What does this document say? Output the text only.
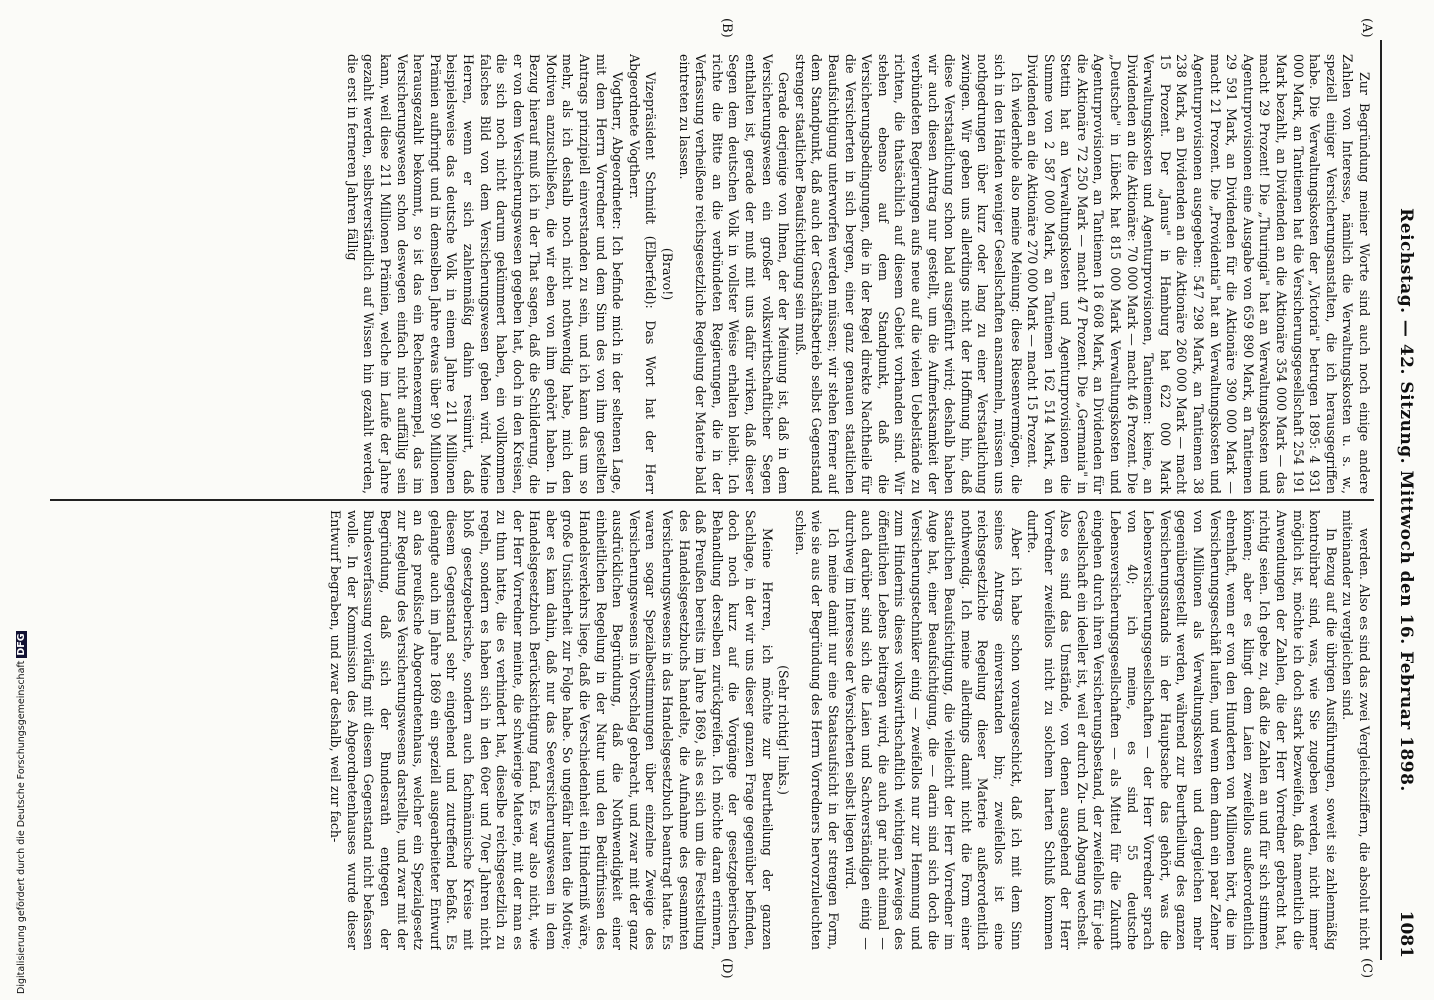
Reichstag. — 42. Sitzung. Mittwoch den 16. Februar 1898.
1081
(A)
(B)
(C)
(D)

Zur Begründung meiner Worte sind auch noch einige andere Zahlen von Interesse, nämlich die Verwaltungskosten u. s. w., speziell einiger Versicherungsanstalten, die ich herausgegriffen habe. Die Verwaltungskosten der „Victoria" betrugen 1895: 4 931 000 Mark, an Tantiemen hat die Versicherungsgesellschaft 254 191 Mark bezahlt, an Dividenden an die Aktionäre 354 000 Mark — das macht 29 Prozent! Die „Thuringia" hat an Verwaltungskosten und Agenturprovisionen eine Ausgabe von 659 890 Mark, an Tantiemen 29 591 Mark, an Dividenden für die Aktionäre 390 000 Mark — macht 21 Prozent. Die „Providentia" hat an Verwaltungskosten und Agenturprovisionen ausgegeben: 547 298 Mark, an Tantiemen 38 238 Mark, an Dividenden an die Aktionäre 260 000 Mark — macht 15 Prozent. Der „Janus" in Hamburg hat 622 000 Mark Verwaltungskosten und Agenturprovisionen, Tantiemen: keine, an Dividenden an die Aktionäre: 70 000 Mark — macht 46 Prozent. Die „Deutsche" in Lübeck hat 815 000 Mark Verwaltungskosten und Agenturprovisionen, an Tantiemen 18 608 Mark, an Dividenden für die Aktionäre 72 250 Mark — macht 47 Prozent. Die „Germania" in Stettin hat an Verwaltungskosten und Agenturprovisionen die Summe von 2 587 000 Mark, an Tantiemen 162 514 Mark, an Dividenden an die Aktionäre 270 000 Mark — macht 15 Prozent.

Ich wiederhole also meine Meinung: diese Riesenvermögen, die sich in den Händen weniger Gesellschaften ansammeln, müssen uns nothgedrungen über kurz oder lang zu einer Verstaatlichung zwingen. Wir geben uns allerdings nicht der Hoffnung hin, daß diese Verstaatlichung schon bald ausgeführt wird; deshalb haben wir auch diesen Antrag nur gestellt, um die Aufmerksamkeit der verbündeten Regierungen aufs neue auf die vielen Uebelstände zu richten, die thatsächlich auf diesem Gebiet vorhanden sind. Wir stehen ebenso auf dem Standpunkt, daß die Versicherungsbedingungen, die in der Regel direkte Nachtheile für die Versicherten in sich bergen, einer ganz genauen staatlichen Beaufsichtigung unterworfen werden müssen; wir stehen ferner auf dem Standpunkt, daß auch der Geschäftsbetrieb selbst Gegenstand strenger staatlicher Beaufsichtigung sein muß.

Gerade derjenige von Ihnen, der der Meinung ist, daß in dem Versicherungswesen ein großer volkswirthschaftlicher Segen enthalten ist, gerade der muß mit uns dafür wirken, daß dieser Segen dem deutschen Volk in vollster Weise erhalten bleibt. Ich richte die Bitte an die verbündeten Regierungen, die in der Verfassung verheißene reichsgesetzliche Regelung der Materie bald eintreten zu lassen.

(Bravo!)

Vizepräsident Schmidt (Elberfeld): Das Wort hat der Herr Abgeordnete Vogtherr.

Vogtherr, Abgeordneter: Ich befinde mich in der seltenen Lage, mit dem Herrn Vorredner und dem Sinn des von ihm gestellten Antrags prinzipiell einverstanden zu sein, und ich kann das um so mehr, als ich deshalb noch nicht nothwendig habe, mich den Motiven anzuschließen, die wir eben von ihm gehört haben. In Bezug hierauf muß ich in der That sagen, daß die Schilderung, die er von dem Versicherungswesen gegeben hat, doch in den Kreisen, die sich noch nicht darum gekümmert haben, ein vollkommen falsches Bild von dem Versicherungswesen geben wird. Meine Herren, wenn er sich zahlenmäßig dahin resümirt, daß beispielsweise das deutsche Volk in einem Jahre 211 Millionen Prämien aufbringt und in demselben Jahre etwas über 90 Millionen herausgezahlt bekommt, so ist das ein Rechenexempel, das im Versicherungswesen schon deswegen einfach nicht auffällig sein kann, weil diese 211 Millionen Prämien, welche im Laufe der Jahre gezahlt werden, selbstverständlich auf Wissen hin gezahlt werden, die erst in ferneren Jahren fällig

werden. Also es sind das zwei Vergleichsziffern, die absolut nicht miteinander zu vergleichen sind.

In Bezug auf die übrigen Ausführungen, soweit sie zahlenmäßig kontrolirbar sind, was, wie Sie zugeben werden, nicht immer möglich ist, möchte ich doch stark bezweifeln, daß namentlich die Anwendungen der Zahlen, die der Herr Vorredner gebracht hat, richtig seien. Ich gebe zu, daß die Zahlen an und für sich stimmen können; aber es klingt dem Laien zweifellos außerordentlich ehrenhaft, wenn er von den Hunderten von Millionen hört, die im Versicherungsgeschäft laufen, und wenn dem dann ein paar Zehner von Millionen als Verwaltungskosten und dergleichen mehr gegenübergestellt werden, während zur Beurtheilung des ganzen Versicherungsstands in der Hauptsache das gehört, was die Lebensversicherungsgesellschaften — der Herr Vorredner sprach von 40; ich meine, es sind 55 deutsche Lebensversicherungsgesellschaften — als Mittel für die Zukunft eingehen durch ihren Versicherungsbestand, der zweifellos für jede Gesellschaft ein ideeller ist, weil er durch Zu- und Abgang wechselt. Also es sind das Umstände, von denen ausgehend der Herr Vorredner zweifellos nicht zu solchem harten Schluß kommen durfte.

Aber ich habe schon vorausgeschickt, daß ich mit dem Sinn seines Antrags einverstanden bin; zweifellos ist eine reichsgesetzliche Regelung dieser Materie außerordentlich nothwendig. Ich meine allerdings damit nicht die Form einer staatlichen Beaufsichtigung, die vielleicht der Herr Vorredner im Auge hat, einer Beaufsichtigung, die — darin sind sich doch die Versicherungstechniker einig — zweifellos nur zur Hemmung und zum Hindernis dieses volkswirthschaftlich wichtigen Zweiges des öffentlichen Lebens beitragen wird, die auch gar nicht einmal — auch darüber sind sich die Laien und Sachverständigen einig — durchweg im Interesse der Versicherten selbst liegen wird.

Ich meine damit nur eine Staatsaufsicht in der strengen Form, wie sie aus der Begründung des Herrn Vorredners hervorzuleuchten schien.

(Sehr richtig! links.)

Meine Herren, ich möchte zur Beurtheilung der ganzen Sachlage, in der wir uns dieser ganzen Frage gegenüber befinden, doch noch kurz auf die Vorgänge der gesetzgeberischen Behandlung derselben zurückgreifen. Ich möchte daran erinnern, daß Preußen bereits im Jahre 1869, als es sich um die Feststellung des Handelsgesetzbuchs handelte, die Aufnahme des gesammten Versicherungswesens in das Handelsgesetzbuch beantragt hatte. Es waren sogar Spezialbestimmungen über einzelne Zweige des Versicherungswesens in Vorschlag gebracht, und zwar mit der ganz ausdrücklichen Begründung, daß die Nothwendigkeit einer einheitlichen Regelung in der Natur und den Bedürfnissen des Handelsverkehrs liege, daß die Verschiedenheit ein Hinderniß wäre, große Unsicherheit zur Folge habe. So ungefähr lauten die Motive; aber es kam dahin, daß nur das Seeversicherungswesen in dem Handelsgesetzbuch Berücksichtigung fand. Es war also nicht, wie der Herr Vorredner meinte, die schwierige Materie, mit der man es zu thun hatte, die es verhindert hat, dieselbe reichsgesetzlich zu regeln, sondern es haben sich in den 60er und 70er Jahren nicht bloß gesetzgeberische, sondern auch fachmännische Kreise mit diesem Gegenstand sehr eingehend und zutreffend befaßt. Es gelangte auch im Jahre 1869 ein speziell ausgearbeiteter Entwurf an das preußische Abgeordnetenhaus, welcher ein Spezialgesetz zur Regelung des Versicherungswesens darstellte, und zwar mit der Begründung, daß sich der Bundesrath entgegen der Bundesverfassung vorläufig mit diesem Gegenstand nicht befassen wolle. In der Kommission des Abgeordnetenhauses wurde dieser Entwurf begraben, und zwar deshalb, weil zur fach-

Digitalisierung gefördert durch die Deutsche Forschungsgemeinschaft DFG
